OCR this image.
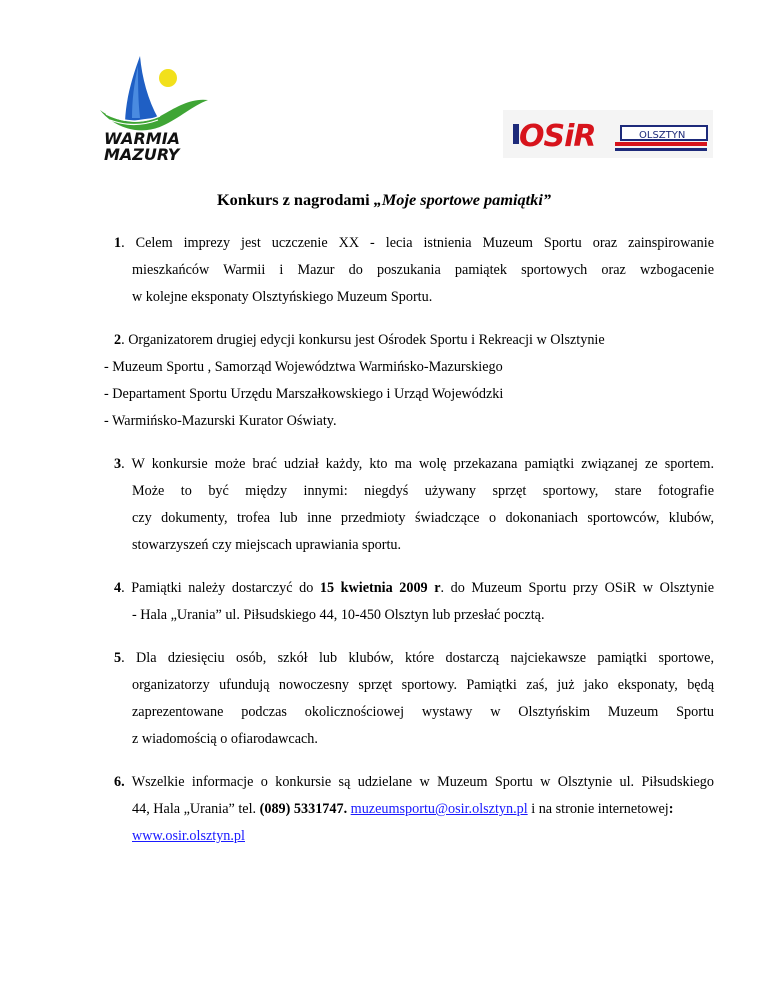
WARMIA
MAZURY
OSiR	OLSZTYN
Konkurs z nagrodami „Moje sportowe pamiątki”
1. Celem imprezy jest uczczenie XX - lecia istnienia Muzeum Sportu oraz zainspirowanie
mieszkańców Warmii i Mazur do poszukania pamiątek sportowych oraz wzbogacenie
w kolejne eksponaty Olsztyńskiego Muzeum Sportu.
2. Organizatorem drugiej edycji konkursu jest Ośrodek Sportu i Rekreacji w Olsztynie
- Muzeum Sportu , Samorząd Województwa Warmińsko-Mazurskiego
- Departament Sportu Urzędu Marszałkowskiego i Urząd Wojewódzki
- Warmińsko-Mazurski Kurator Oświaty.
3. W konkursie może brać udział każdy, kto ma wolę przekazana pamiątki związanej ze sportem.
Może to być między innymi: niegdyś używany sprzęt sportowy, stare fotografie
czy dokumenty, trofea lub inne przedmioty świadczące o dokonaniach sportowców, klubów,
stowarzyszeń czy miejscach uprawiania sportu.
4. Pamiątki należy dostarczyć do 15 kwietnia 2009 r. do Muzeum Sportu przy OSiR w Olsztynie
- Hala „Urania” ul. Piłsudskiego 44, 10-450 Olsztyn lub przesłać pocztą.
5. Dla dziesięciu osób, szkół lub klubów, które dostarczą najciekawsze pamiątki sportowe,
organizatorzy ufundują nowoczesny sprzęt sportowy. Pamiątki zaś, już jako eksponaty, będą
zaprezentowane podczas okolicznościowej wystawy w Olsztyńskim Muzeum Sportu
z wiadomością o ofiarodawcach.
6. Wszelkie informacje o konkursie są udzielane w Muzeum Sportu w Olsztynie ul. Piłsudskiego
44, Hala „Urania” tel. (089) 5331747. muzeumsportu@osir.olsztyn.pl i na stronie internetowej:
www.osir.olsztyn.pl
